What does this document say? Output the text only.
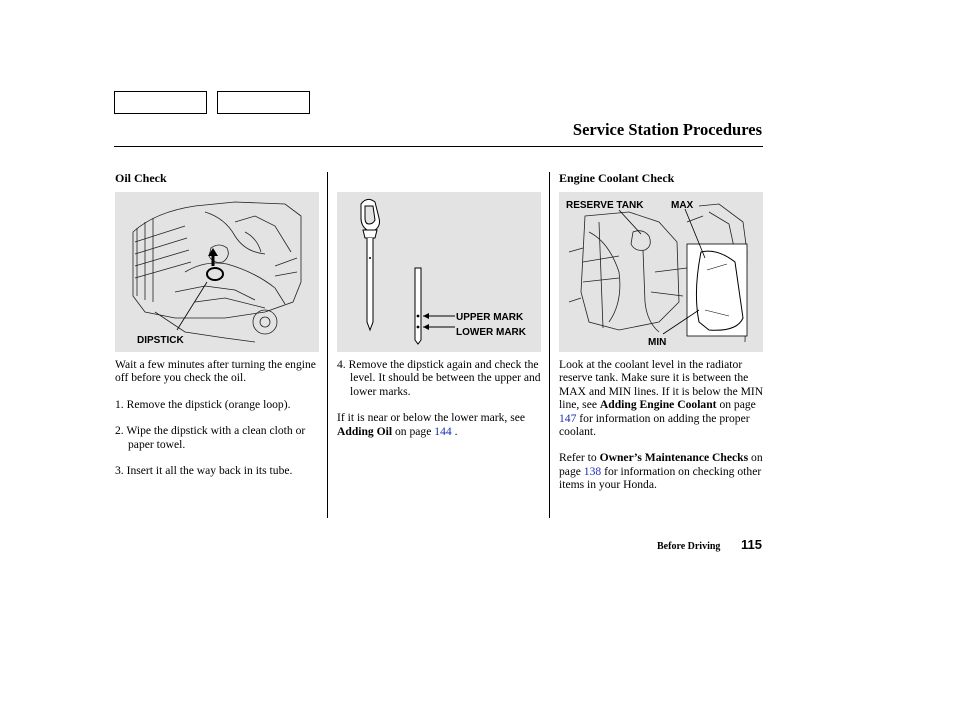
Service Station Procedures
Oil Check
DIPSTICK

Wait a few minutes after turning the engine off before you check the oil.

1. Remove the dipstick (orange loop).

2. Wipe the dipstick with a clean cloth or paper towel.

3. Insert it all the way back in its tube.

UPPER MARK
LOWER MARK

4. Remove the dipstick again and check the level. It should be between the upper and lower marks.

If it is near or below the lower mark, see Adding Oil on page 144 .

Engine Coolant Check
RESERVE TANK	MAX
MIN

Look at the coolant level in the radiator reserve tank. Make sure it is between the MAX and MIN lines. If it is below the MIN line, see Adding Engine Coolant on page 147 for information on adding the proper coolant.

Refer to Owner’s Maintenance Checks on page 138 for information on checking other items in your Honda.

Before Driving 115
